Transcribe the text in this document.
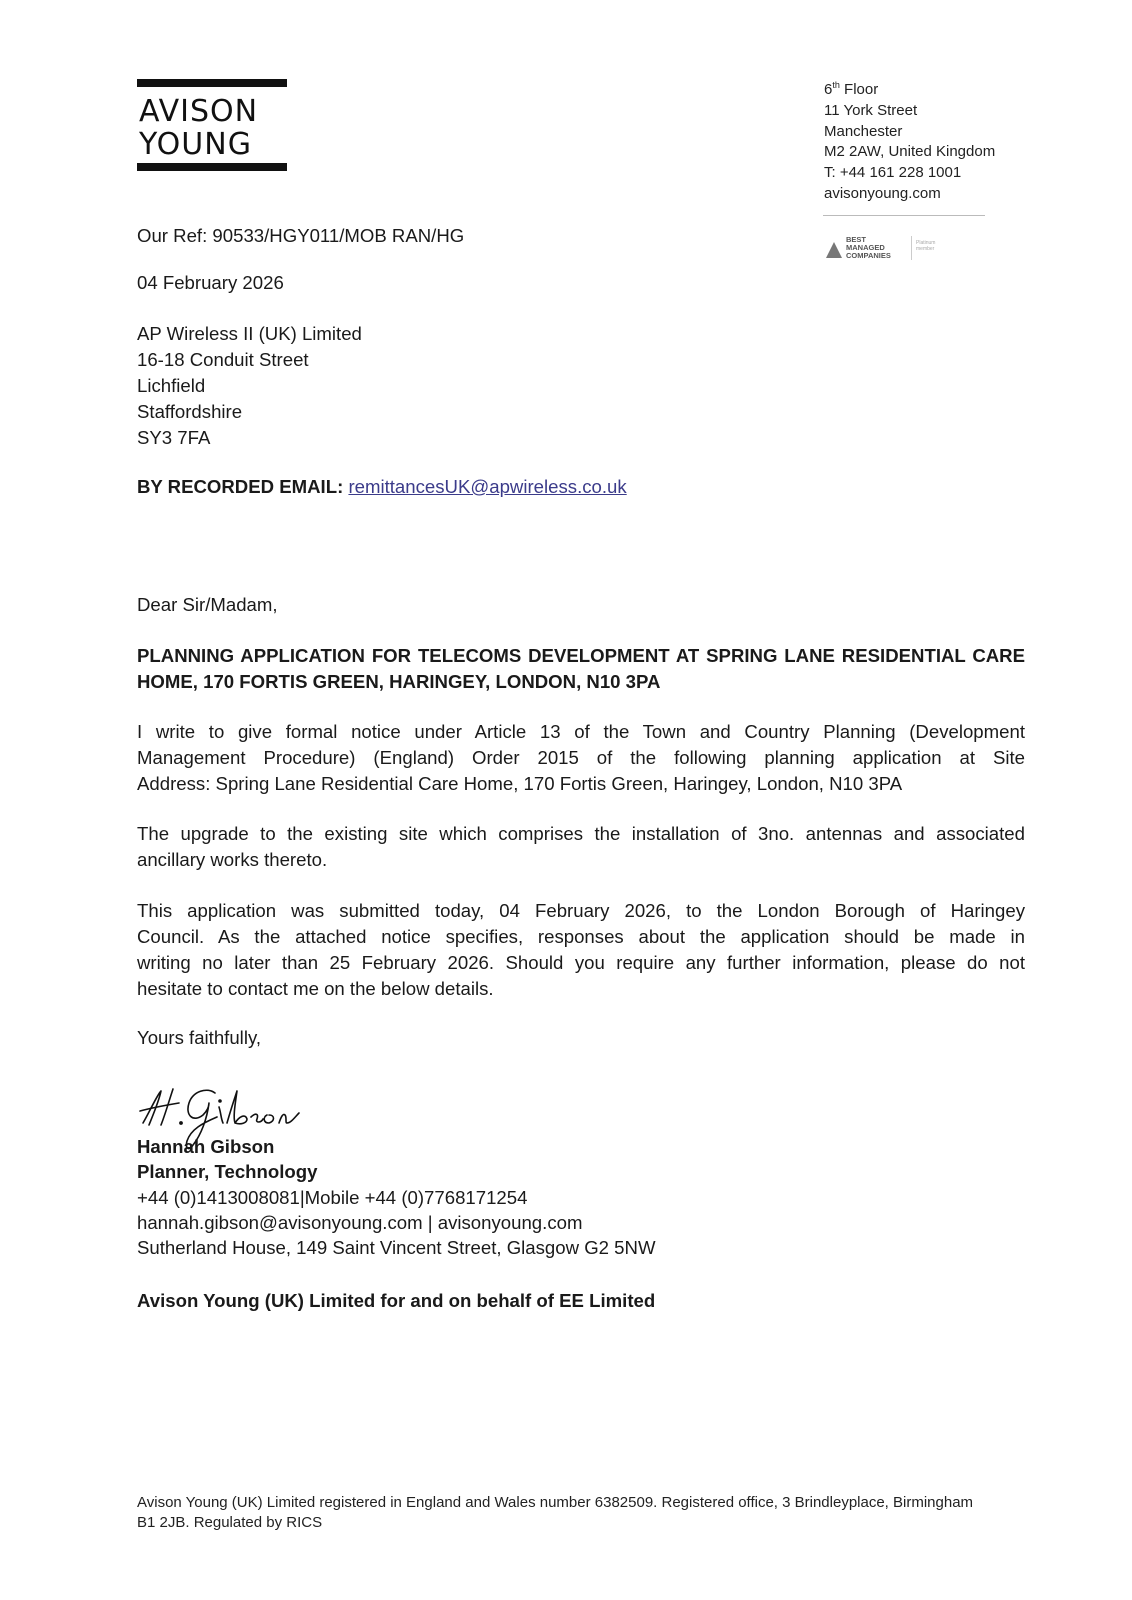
AVISON
YOUNG
6th Floor
11 York Street
Manchester
M2 2AW, United Kingdom
T: +44 161 228 1001
avisonyoung.com
BEST
MANAGED
COMPANIES
Platinum
member
Our Ref: 90533/HGY011/MOB RAN/HG
04 February 2026
AP Wireless II (UK) Limited
16-18 Conduit Street
Lichfield
Staffordshire
SY3 7FA
BY RECORDED EMAIL: remittancesUK@apwireless.co.uk
Dear Sir/Madam,
PLANNING APPLICATION FOR TELECOMS DEVELOPMENT AT SPRING LANE RESIDENTIAL CARE
HOME, 170 FORTIS GREEN, HARINGEY, LONDON, N10 3PA
I write to give formal notice under Article 13 of the Town and Country Planning (Development
Management Procedure) (England) Order 2015 of the following planning application at Site
Address: Spring Lane Residential Care Home, 170 Fortis Green, Haringey, London, N10 3PA
The upgrade to the existing site which comprises the installation of 3no. antennas and associated
ancillary works thereto.
This application was submitted today, 04 February 2026, to the London Borough of Haringey
Council. As the attached notice specifies, responses about the application should be made in
writing no later than 25 February 2026. Should you require any further information, please do not
hesitate to contact me on the below details.
Yours faithfully,
Hannah Gibson
Planner, Technology
+44 (0)1413008081|Mobile +44 (0)7768171254
hannah.gibson@avisonyoung.com | avisonyoung.com
Sutherland House, 149 Saint Vincent Street, Glasgow G2 5NW
Avison Young (UK) Limited for and on behalf of EE Limited
Avison Young (UK) Limited registered in England and Wales number 6382509. Registered office, 3 Brindleyplace, Birmingham
B1 2JB. Regulated by RICS
